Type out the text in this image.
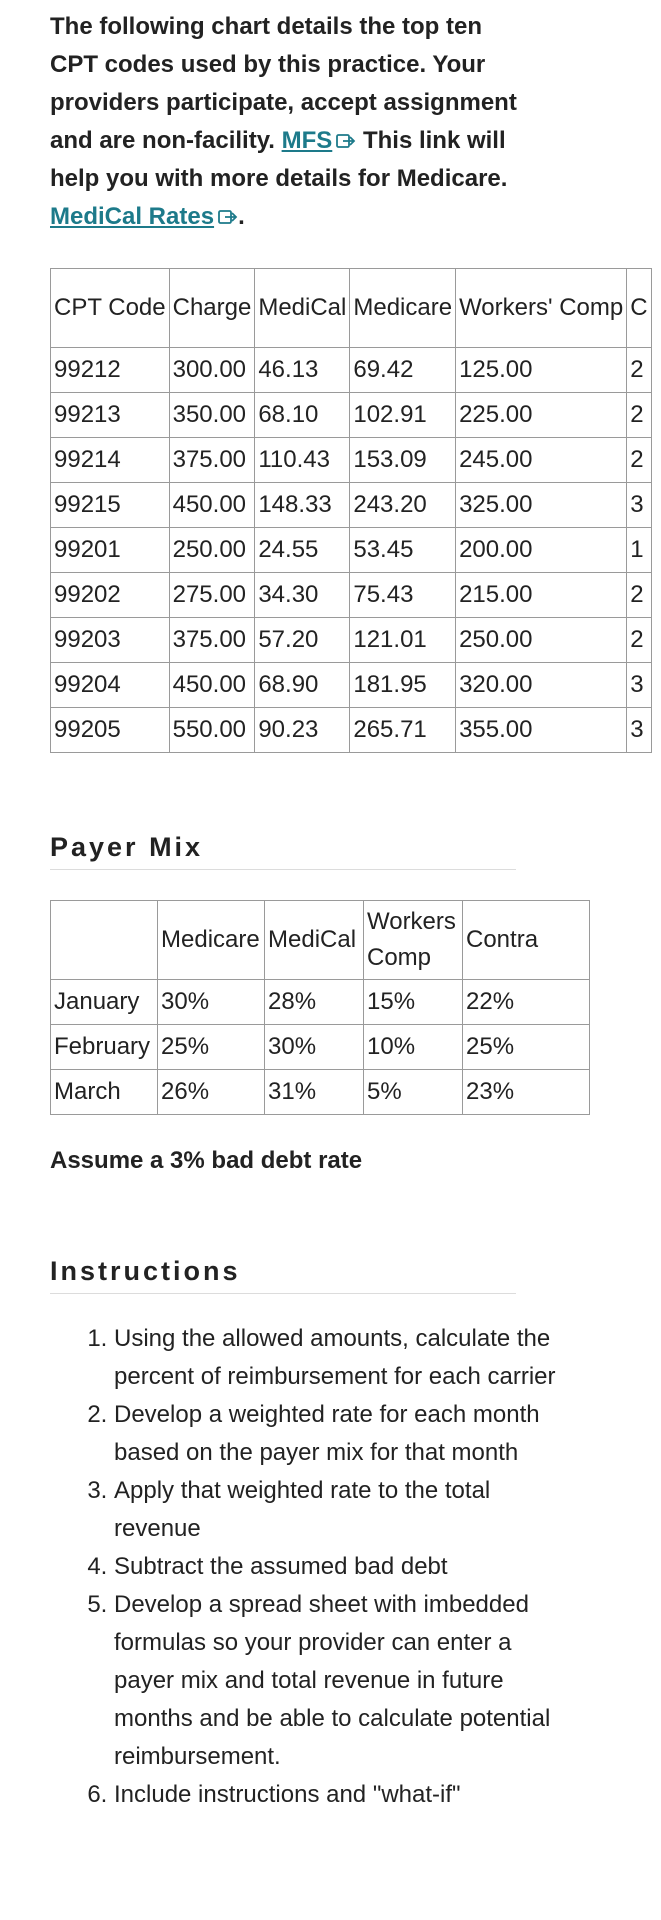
The following chart details the top ten CPT codes used by this practice. Your providers participate, accept assignment and are non-facility. MFS This link will help you with more details for Medicare.
MediCal Rates .

CPT Code	Charge	MediCal	Medicare	Workers' Comp	C
99212	300.00	46.13	69.42	125.00	2
99213	350.00	68.10	102.91	225.00	2
99214	375.00	110.43	153.09	245.00	2
99215	450.00	148.33	243.20	325.00	3
99201	250.00	24.55	53.45	200.00	1
99202	275.00	34.30	75.43	215.00	2
99203	375.00	57.20	121.01	250.00	2
99204	450.00	68.90	181.95	320.00	3
99205	550.00	90.23	265.71	355.00	3
Payer Mix
	Medicare	MediCal	Workers Comp	Contra
January	30%	28%	15%	22%
February	25%	30%	10%	25%
March	26%	31%	5%	23%
Assume a 3% bad debt rate
Instructions
1. Using the allowed amounts, calculate the percent of reimbursement for each carrier
2. Develop a weighted rate for each month based on the payer mix for that month
3. Apply that weighted rate to the total revenue
4. Subtract the assumed bad debt
5. Develop a spread sheet with imbedded formulas so your provider can enter a payer mix and total revenue in future months and be able to calculate potential reimbursement.
6. Include instructions and "what-if"
